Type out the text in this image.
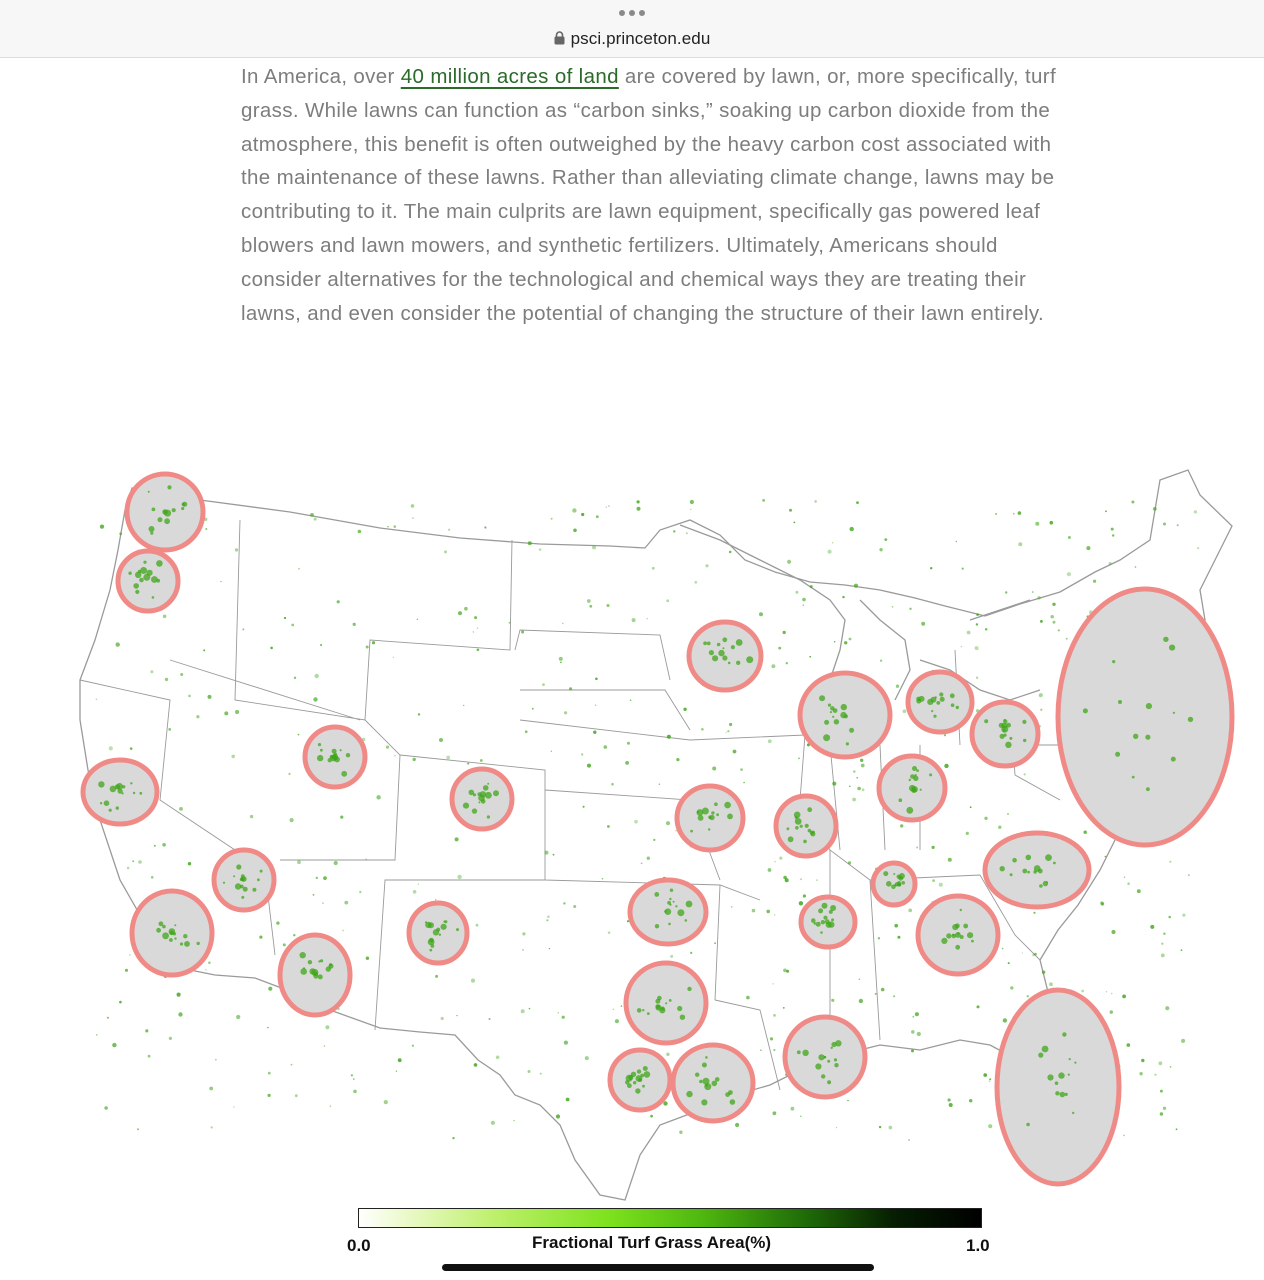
psci.princeton.edu

In America, over 40 million acres of land are covered by lawn, or, more specifically, turf grass. While lawns can function as “carbon sinks,” soaking up carbon dioxide from the atmosphere, this benefit is often outweighed by the heavy carbon cost associated with the maintenance of these lawns. Rather than alleviating climate change, lawns may be contributing to it. The main culprits are lawn equipment, specifically gas powered leaf blowers and lawn mowers, and synthetic fertilizers. Ultimately, Americans should consider alternatives for the technological and chemical ways they are treating their lawns, and even consider the potential of changing the structure of their lawn entirely.

0.0	Fractional Turf Grass Area(%)	1.0
